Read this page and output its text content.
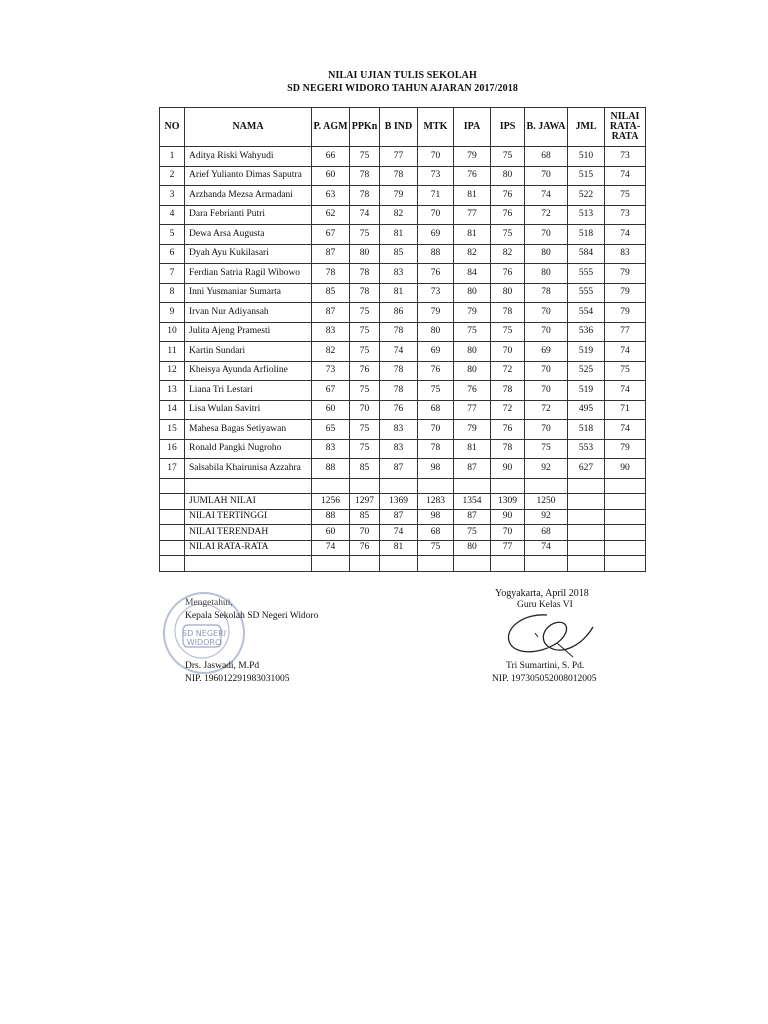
NILAI UJIAN TULIS SEKOLAH
SD NEGERI WIDORO TAHUN AJARAN 2017/2018
NO	NAMA	P. AGM	PPKn	B IND	MTK	IPA	IPS	B. JAWA	JML	NILAI RATA-RATA
1	Aditya Riski Wahyudi	66	75	77	70	79	75	68	510	73
2	Arief Yulianto Dimas Saputra	60	78	78	73	76	80	70	515	74
3	Arzhanda Mezsa Armadani	63	78	79	71	81	76	74	522	75
4	Dara Febrianti Putri	62	74	82	70	77	76	72	513	73
5	Dewa Arsa Augusta	67	75	81	69	81	75	70	518	74
6	Dyah Ayu Kukilasari	87	80	85	88	82	82	80	584	83
7	Ferdian Satria Ragil Wibowo	78	78	83	76	84	76	80	555	79
8	Inni Yusmaniar Sumarta	85	78	81	73	80	80	78	555	79
9	Irvan Nur Adiyansah	87	75	86	79	79	78	70	554	79
10	Julita Ajeng Pramesti	83	75	78	80	75	75	70	536	77
11	Kartin Sundari	82	75	74	69	80	70	69	519	74
12	Kheisya Ayunda Arfioline	73	76	78	76	80	72	70	525	75
13	Liana Tri Lestari	67	75	78	75	76	78	70	519	74
14	Lisa Wulan Savitri	60	70	76	68	77	72	72	495	71
15	Mahesa Bagas Setiyawan	65	75	83	70	79	76	70	518	74
16	Ronald Pangki Nugroho	83	75	83	78	81	78	75	553	79
17	Salsabila Khairunisa Azzahra	88	85	87	98	87	90	92	627	90

	JUMLAH NILAI	1256	1297	1369	1283	1354	1309	1250		
	NILAI TERTINGGI	88	85	87	98	87	90	92		
	NILAI TERENDAH	60	70	74	68	75	70	68		
	NILAI RATA-RATA	74	76	81	75	80	77	74		

SD NEGERI
WIDORO
Mengetahui,
Kepala Sekolah SD Negeri Widoro
Drs. Jaswadi, M.Pd
NIP. 196012291983031005
Yogyakarta, April 2018
Guru Kelas VI
Tri Sumartini, S. Pd.
NIP. 197305052008012005
